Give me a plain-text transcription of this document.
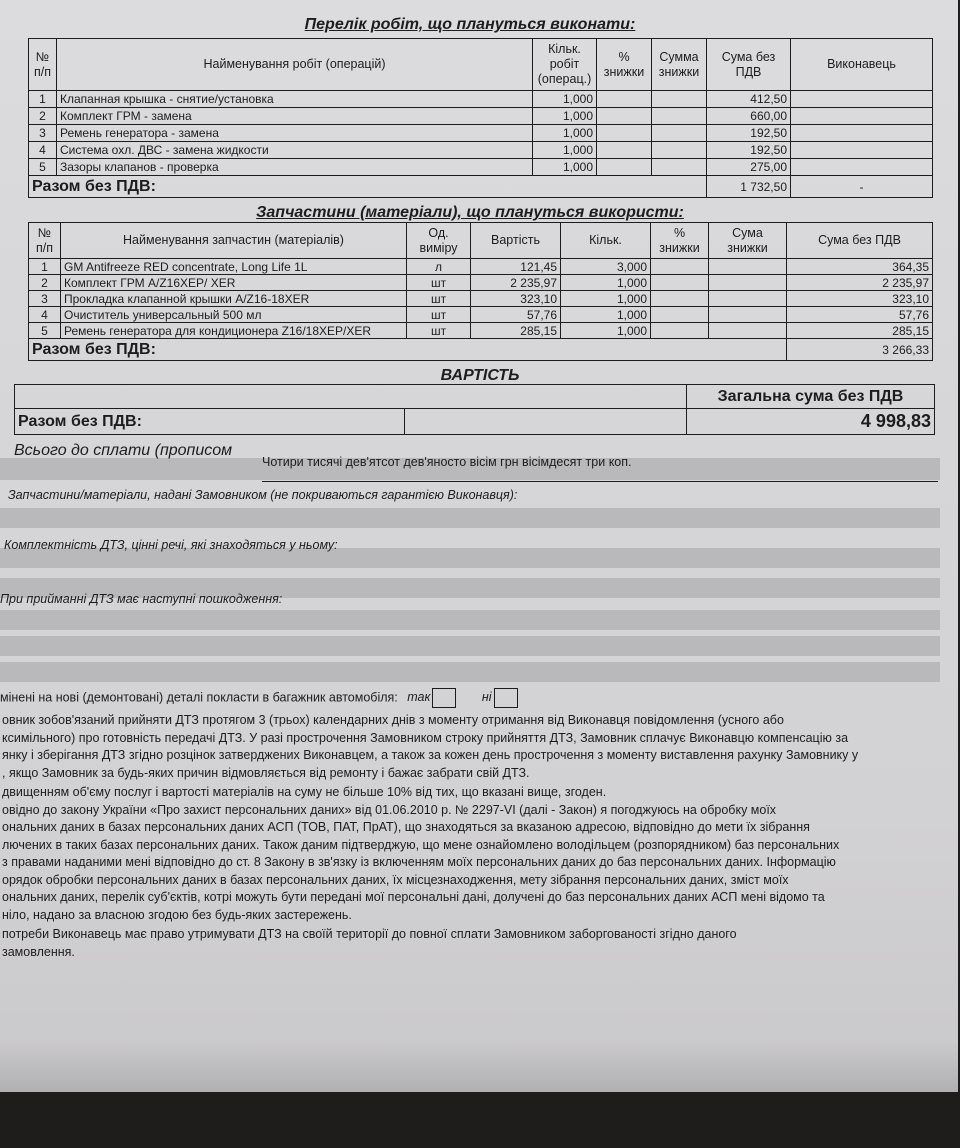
Перелік робіт, що плануться виконати:
№ п/п	Найменування робіт (операцій)	Кільк. робіт (операц.)	% знижки	Сумма знижки	Сума без ПДВ	Виконавець
1	Клапанная крышка - снятие/установка	1,000			412,50	
2	Комплект ГРМ - замена	1,000			660,00	
3	Ремень генератора - замена	1,000			192,50	
4	Система охл. ДВС - замена жидкости	1,000			192,50	
5	Зазоры клапанов - проверка	1,000			275,00	
Разом без ПДВ:					1 732,50	-
Запчастини (матеріали), що плануться використи:
№ п/п	Найменування запчастин (матеріалів)	Од. виміру	Вартість	Кільк.	% знижки	Сума знижки	Сума без ПДВ
1	GM Antifreeze RED concentrate, Long Life 1L	л	121,45	3,000			364,35
2	Комплект ГРМ A/Z16XEP/ XER	шт	2 235,97	1,000			2 235,97
3	Прокладка клапанной крышки A/Z16-18XER	шт	323,10	1,000			323,10
4	Очиститель универсальный 500 мл	шт	57,76	1,000			57,76
5	Ремень генератора для кондиционера Z16/18XEP/XER	шт	285,15	1,000			285,15
Разом без ПДВ:							3 266,33
ВАРТІСТЬ
		Загальна сума без ПДВ
Разом без ПДВ:		4 998,83
Всього до сплати (прописом
Чотири тисячі дев'ятсот дев'яносто вісім грн вісімдесят три коп.
Запчастини/матеріали, надані Замовником (не покриваються гарантією Виконавця):
Комплектність ДТЗ, цінні речі, які знаходяться у ньому:
При прийманні ДТЗ має наступні пошкодження:
мінені на нові (демонтовані) деталі покласти в багажник автомобіля: так	ні

овник зобов'язаний прийняти ДТЗ протягом 3 (трьох) календарних днів з моменту отримання від Виконавця повідомлення (усного або

ксимільного) про готовність передачі ДТЗ. У разі прострочення Замовником строку прийняття ДТЗ, Замовник сплачує Виконавцю компенсацію за

янку і зберігання ДТЗ згідно розцінок затверджених Виконавцем, а також за кожен день прострочення з моменту виставлення рахунку Замовнику у

, якщо Замовник за будь-яких причин відмовляється від ремонту і бажає забрати свій ДТЗ.

двищенням об'єму послуг і вартості матеріалів на суму не більше 10% від тих, що вказані вище, згоден.

овідно до закону України «Про захист персональних даних» від 01.06.2010 р. № 2297-VI (далі - Закон) я погоджуюсь на обробку моїх

ональних даних в базах персональних даних АСП (ТОВ, ПАТ, ПрАТ), що знаходяться за вказаною адресою, відповідно до мети їх зібрання

лючених в таких базах персональних даних. Також даним підтверджую, що мене ознайомлено володільцем (розпорядником) баз персональних

з правами наданими мені відповідно до ст. 8 Закону в зв'язку із включенням моїх персональних даних до баз персональних даних. Інформацію

орядок обробки персональних даних в базах персональних даних, їх місцезнаходження, мету зібрання персональних даних, зміст моїх

ональних даних, перелік суб'єктів, котрі можуть бути передані мої персональні дані, долучені до баз персональних даних АСП мені відомо та

ніло, надано за власною згодою без будь-яких застережень.

потреби Виконавець має право утримувати ДТЗ на своїй території до повної сплати Замовником заборгованості згідно даного

замовлення.
